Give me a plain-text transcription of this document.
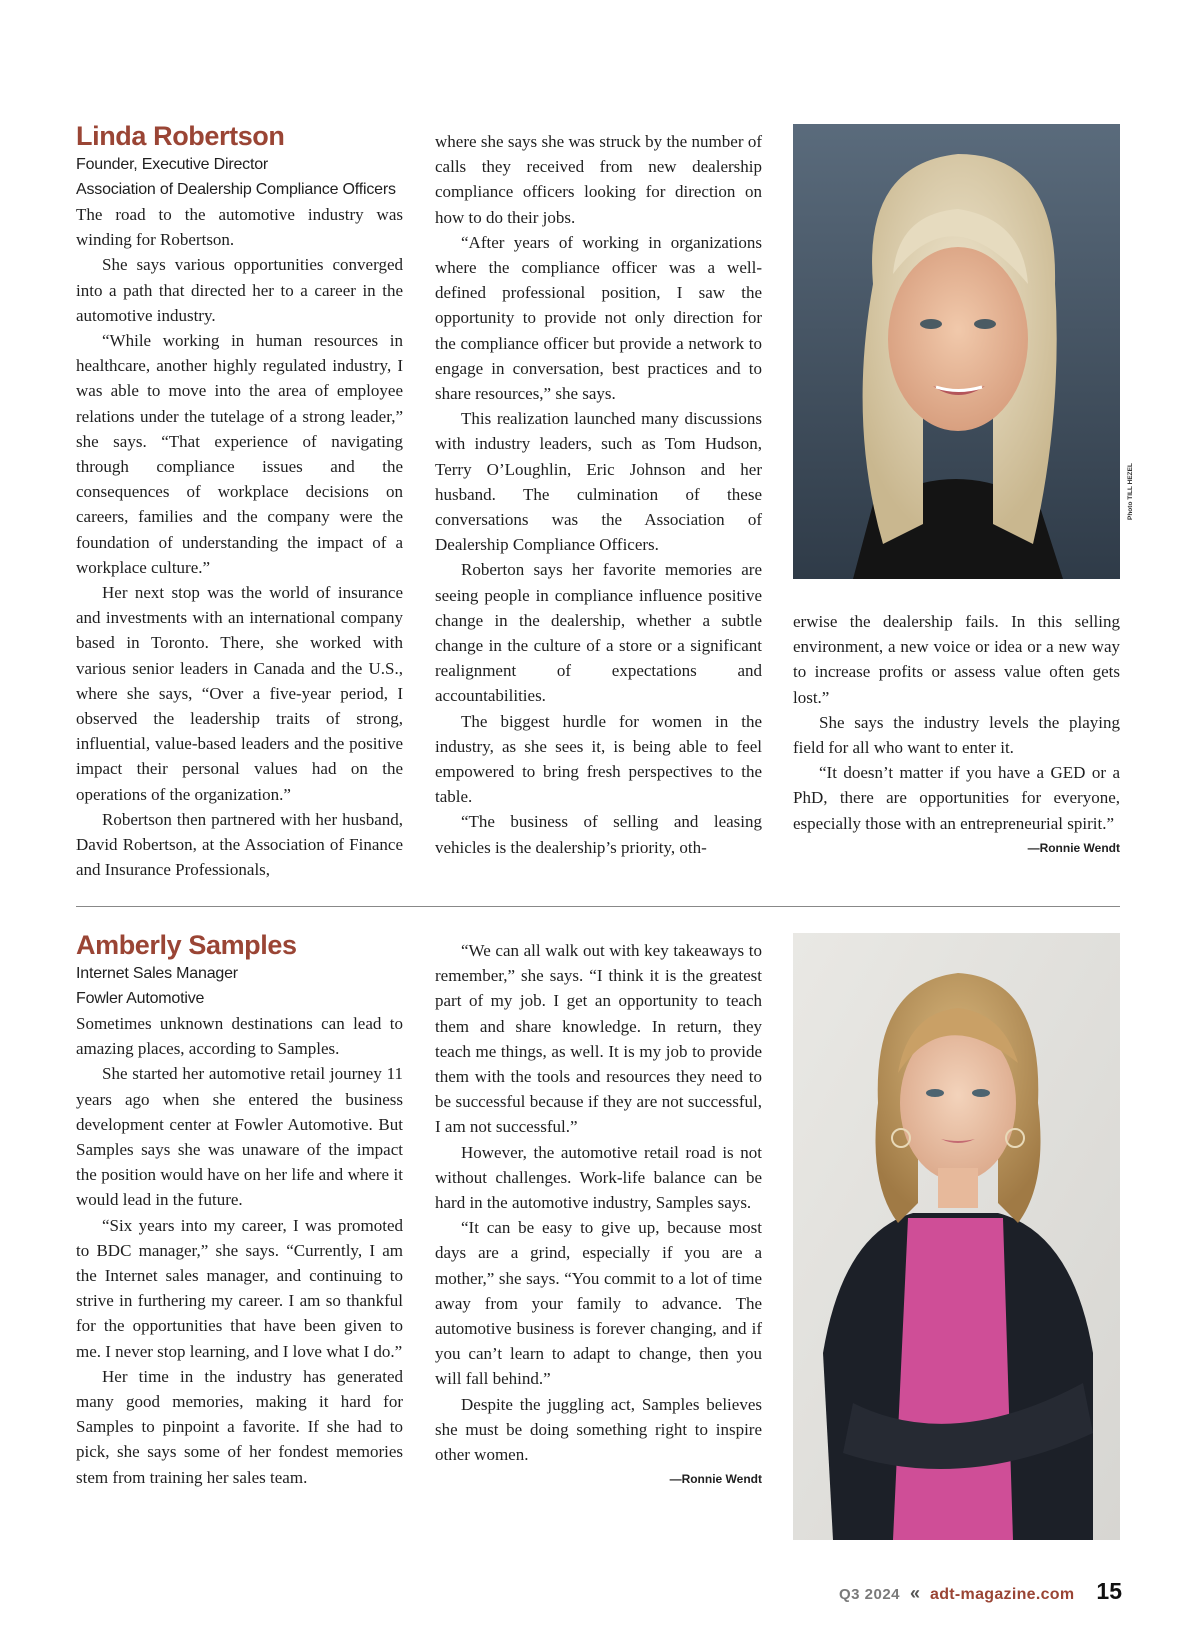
Linda Robertson
Founder, Executive Director
Association of Dealership Compliance Officers

The road to the automotive industry was winding for Robertson.

She says various opportunities converged into a path that directed her to a career in the automotive industry.

“While working in human resources in healthcare, another highly regulated industry, I was able to move into the area of employee relations under the tutelage of a strong leader,” she says. “That experience of navigating through compliance issues and the consequences of workplace decisions on careers, families and the company were the foundation of understanding the impact of a workplace culture.”

Her next stop was the world of insurance and investments with an international company based in Toronto. There, she worked with various senior leaders in Canada and the U.S., where she says, “Over a five-year period, I observed the leadership traits of strong, influential, value-based leaders and the positive impact their personal values had on the operations of the organization.”

Robertson then partnered with her husband, David Robertson, at the Association of Finance and Insurance Professionals,

where she says she was struck by the number of calls they received from new dealership compliance officers looking for direction on how to do their jobs.

“After years of working in organizations where the compliance officer was a well-defined professional position, I saw the opportunity to provide not only direction for the compliance officer but provide a network to engage in conversation, best practices and to share resources,” she says.

This realization launched many discussions with industry leaders, such as Tom Hudson, Terry O’Loughlin, Eric Johnson and her husband. The culmination of these conversations was the Association of Dealership Compliance Officers.

Roberton says her favorite memories are seeing people in compliance influence positive change in the dealership, whether a subtle change in the culture of a store or a significant realignment of expectations and accountabilities.

The biggest hurdle for women in the industry, as she sees it, is being able to feel empowered to bring fresh perspectives to the table.

“The business of selling and leasing vehicles is the dealership’s priority, oth-

Photo TILL HEZEL

erwise the dealership fails. In this selling environment, a new voice or idea or a new way to increase profits or assess value often gets lost.”

She says the industry levels the playing field for all who want to enter it.

“It doesn’t matter if you have a GED or a PhD, there are opportunities for everyone, especially those with an entrepreneurial spirit.”

—Ronnie Wendt

Amberly Samples
Internet Sales Manager
Fowler Automotive

Sometimes unknown destinations can lead to amazing places, according to Samples.

She started her automotive retail journey 11 years ago when she entered the business development center at Fowler Automotive. But Samples says she was unaware of the impact the position would have on her life and where it would lead in the future.

“Six years into my career, I was promoted to BDC manager,” she says. “Currently, I am the Internet sales manager, and continuing to strive in furthering my career. I am so thankful for the opportunities that have been given to me. I never stop learning, and I love what I do.”

Her time in the industry has generated many good memories, making it hard for Samples to pinpoint a favorite. If she had to pick, she says some of her fondest memories stem from training her sales team.

“We can all walk out with key takeaways to remember,” she says. “I think it is the greatest part of my job. I get an opportunity to teach them and share knowledge. In return, they teach me things, as well. It is my job to provide them with the tools and resources they need to be successful because if they are not successful, I am not successful.”

However, the automotive retail road is not without challenges. Work-life balance can be hard in the automotive industry, Samples says.

“It can be easy to give up, because most days are a grind, especially if you are a mother,” she says. “You commit to a lot of time away from your family to advance. The automotive business is forever changing, and if you can’t learn to adapt to change, then you will fall behind.”

Despite the juggling act, Samples believes she must be doing something right to inspire other women.

—Ronnie Wendt

Q3 2024 « adt-magazine.com 15
